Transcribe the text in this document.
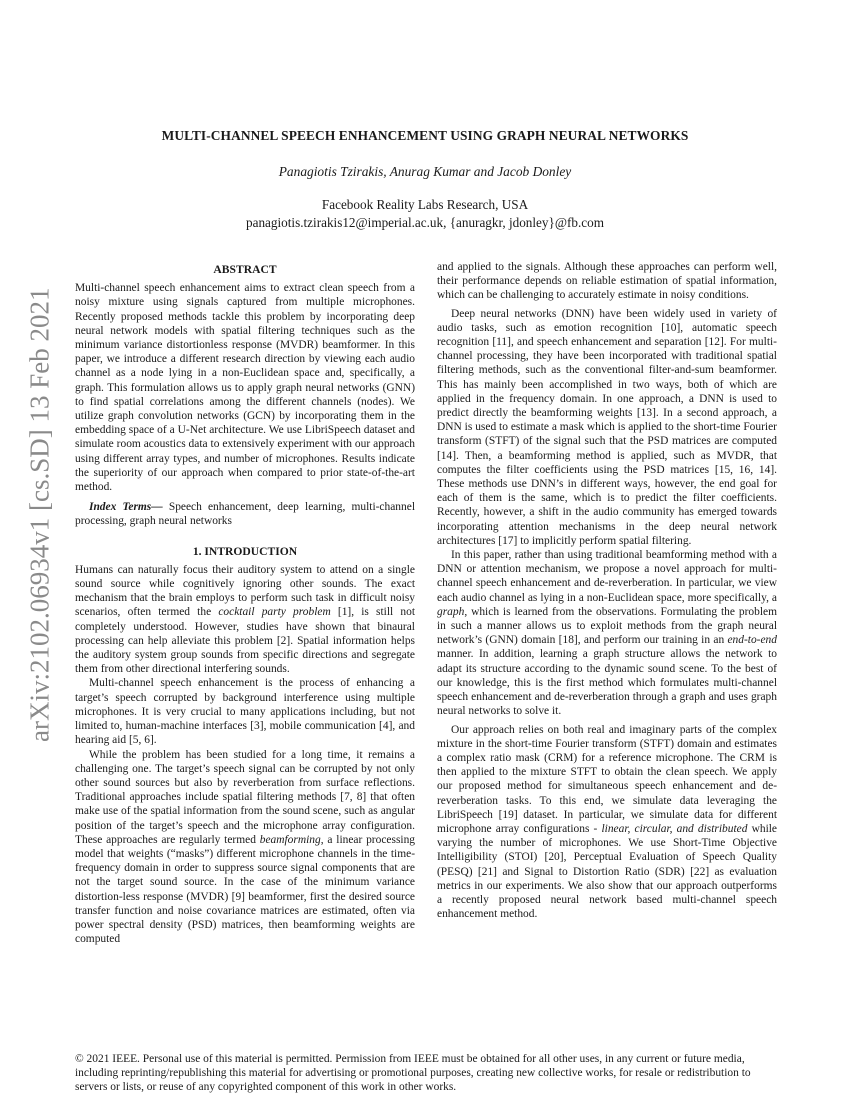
arXiv:2102.06934v1 [cs.SD] 13 Feb 2021
MULTI-CHANNEL SPEECH ENHANCEMENT USING GRAPH NEURAL NETWORKS
Panagiotis Tzirakis, Anurag Kumar and Jacob Donley
Facebook Reality Labs Research, USA
panagiotis.tzirakis12@imperial.ac.uk, {anuragkr, jdonley}@fb.com
ABSTRACT

Multi-channel speech enhancement aims to extract clean speech from a noisy mixture using signals captured from multiple microphones. Recently proposed methods tackle this problem by incorporating deep neural network models with spatial filtering techniques such as the minimum variance distortionless response (MVDR) beamformer. In this paper, we introduce a different research direction by viewing each audio channel as a node lying in a non-Euclidean space and, specifically, a graph. This formulation allows us to apply graph neural networks (GNN) to find spatial correlations among the different channels (nodes). We utilize graph convolution networks (GCN) by incorporating them in the embedding space of a U-Net architecture. We use LibriSpeech dataset and simulate room acoustics data to extensively experiment with our approach using different array types, and number of microphones. Results indicate the superiority of our approach when compared to prior state-of-the-art method.

Index Terms— Speech enhancement, deep learning, multi-channel processing, graph neural networks

1. INTRODUCTION

Humans can naturally focus their auditory system to attend on a single sound source while cognitively ignoring other sounds. The exact mechanism that the brain employs to perform such task in difficult noisy scenarios, often termed the cocktail party problem [1], is still not completely understood. However, studies have shown that binaural processing can help alleviate this problem [2]. Spatial information helps the auditory system group sounds from specific directions and segregate them from other directional interfering sounds.

Multi-channel speech enhancement is the process of enhancing a target’s speech corrupted by background interference using multiple microphones. It is very crucial to many applications including, but not limited to, human-machine interfaces [3], mobile communication [4], and hearing aid [5, 6].

While the problem has been studied for a long time, it remains a challenging one. The target’s speech signal can be corrupted by not only other sound sources but also by reverberation from surface reflections. Traditional approaches include spatial filtering methods [7, 8] that often make use of the spatial information from the sound scene, such as angular position of the target’s speech and the microphone array configuration. These approaches are regularly termed beamforming, a linear processing model that weights (“masks”) different microphone channels in the time-frequency domain in order to suppress source signal components that are not the target sound source. In the case of the minimum variance distortion-less response (MVDR) [9] beamformer, first the desired source transfer function and noise covariance matrices are estimated, often via power spectral density (PSD) matrices, then beamforming weights are computed

and applied to the signals. Although these approaches can perform well, their performance depends on reliable estimation of spatial information, which can be challenging to accurately estimate in noisy conditions.

Deep neural networks (DNN) have been widely used in variety of audio tasks, such as emotion recognition [10], automatic speech recognition [11], and speech enhancement and separation [12]. For multi-channel processing, they have been incorporated with traditional spatial filtering methods, such as the conventional filter-and-sum beamformer. This has mainly been accomplished in two ways, both of which are applied in the frequency domain. In one approach, a DNN is used to predict directly the beamforming weights [13]. In a second approach, a DNN is used to estimate a mask which is applied to the short-time Fourier transform (STFT) of the signal such that the PSD matrices are computed [14]. Then, a beamforming method is applied, such as MVDR, that computes the filter coefficients using the PSD matrices [15, 16, 14]. These methods use DNN’s in different ways, however, the end goal for each of them is the same, which is to predict the filter coefficients. Recently, however, a shift in the audio community has emerged towards incorporating attention mechanisms in the deep neural network architectures [17] to implicitly perform spatial filtering.

In this paper, rather than using traditional beamforming method with a DNN or attention mechanism, we propose a novel approach for multi-channel speech enhancement and de-reverberation. In particular, we view each audio channel as lying in a non-Euclidean space, more specifically, a graph, which is learned from the observations. Formulating the problem in such a manner allows us to exploit methods from the graph neural network’s (GNN) domain [18], and perform our training in an end-to-end manner. In addition, learning a graph structure allows the network to adapt its structure according to the dynamic sound scene. To the best of our knowledge, this is the first method which formulates multi-channel speech enhancement and de-reverberation through a graph and uses graph neural networks to solve it.

Our approach relies on both real and imaginary parts of the complex mixture in the short-time Fourier transform (STFT) domain and estimates a complex ratio mask (CRM) for a reference microphone. The CRM is then applied to the mixture STFT to obtain the clean speech. We apply our proposed method for simultaneous speech enhancement and de-reverberation tasks. To this end, we simulate data leveraging the LibriSpeech [19] dataset. In particular, we simulate data for different microphone array configurations - linear, circular, and distributed while varying the number of microphones. We use Short-Time Objective Intelligibility (STOI) [20], Perceptual Evaluation of Speech Quality (PESQ) [21] and Signal to Distortion Ratio (SDR) [22] as evaluation metrics in our experiments. We also show that our approach outperforms a recently proposed neural network based multi-channel speech enhancement method.

© 2021 IEEE. Personal use of this material is permitted. Permission from IEEE must be obtained for all other uses, in any current or future media, including reprinting/republishing this material for advertising or promotional purposes, creating new collective works, for resale or redistribution to servers or lists, or reuse of any copyrighted component of this work in other works.
